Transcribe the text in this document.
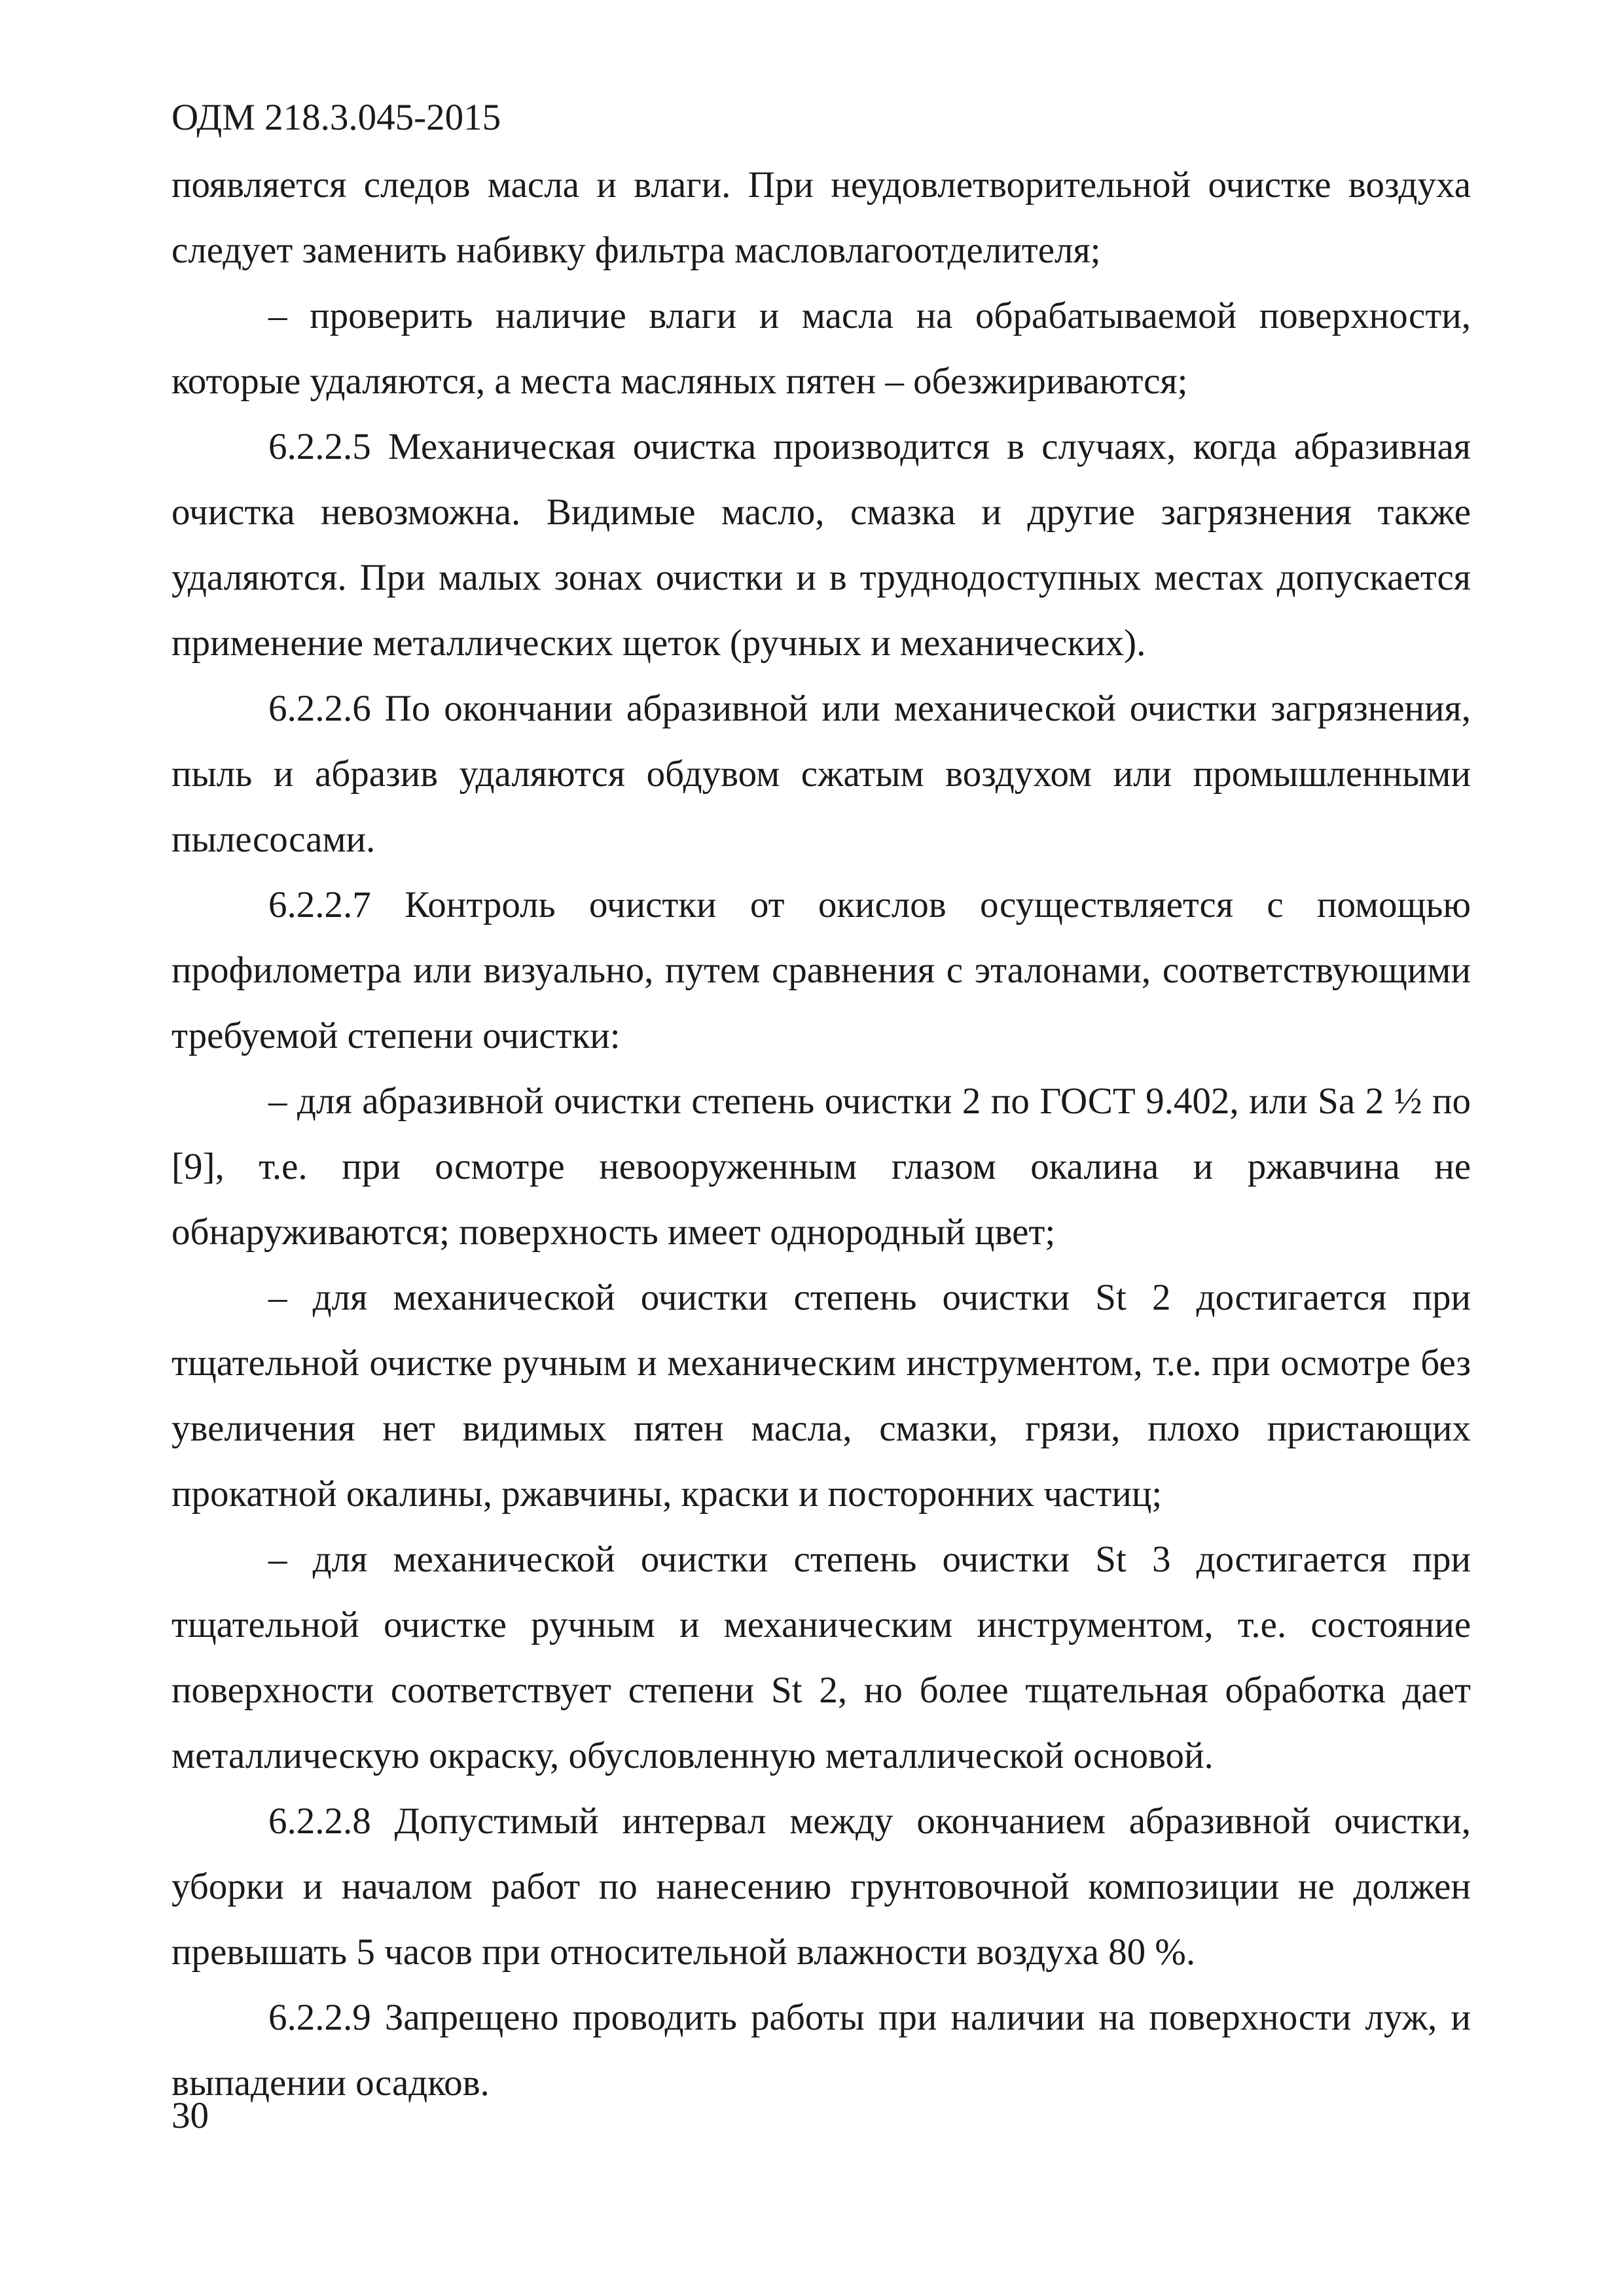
ОДМ 218.3.045-2015

появляется следов масла и влаги. При неудовлетворительной очистке воздуха следует заменить набивку фильтра масловлагоотделителя;

– проверить наличие влаги и масла на обрабатываемой поверхности, которые удаляются, а места масляных пятен – обезжириваются;

6.2.2.5 Механическая очистка производится в случаях, когда абразивная очистка невозможна. Видимые масло, смазка и другие загрязнения также удаляются. При малых зонах очистки и в труднодоступных местах допускается применение металлических щеток (ручных и механических).

6.2.2.6 По окончании абразивной или механической очистки загрязнения, пыль и абразив удаляются обдувом сжатым воздухом или промышленными пылесосами.

6.2.2.7 Контроль очистки от окислов осуществляется с помощью профилометра или визуально, путем сравнения с эталонами, соответствующими требуемой степени очистки:

– для абразивной очистки степень очистки 2 по ГОСТ 9.402, или Sa 2 ½ по [9], т.е. при осмотре невооруженным глазом окалина и ржавчина не обнаруживаются; поверхность имеет однородный цвет;

– для механической очистки степень очистки St 2 достигается при тщательной очистке ручным и механическим инструментом, т.е. при осмотре без увеличения нет видимых пятен масла, смазки, грязи, плохо пристающих прокатной окалины, ржавчины, краски и посторонних частиц;

– для механической очистки степень очистки St 3 достигается при тщательной очистке ручным и механическим инструментом, т.е. состояние поверхности соответствует степени St 2, но более тщательная обработка дает металлическую окраску, обусловленную металлической основой.

6.2.2.8 Допустимый интервал между окончанием абразивной очистки, уборки и началом работ по нанесению грунтовочной композиции не должен превышать 5 часов при относительной влажности воздуха 80 %.

6.2.2.9 Запрещено проводить работы при наличии на поверхности луж, и выпадении осадков.

30
